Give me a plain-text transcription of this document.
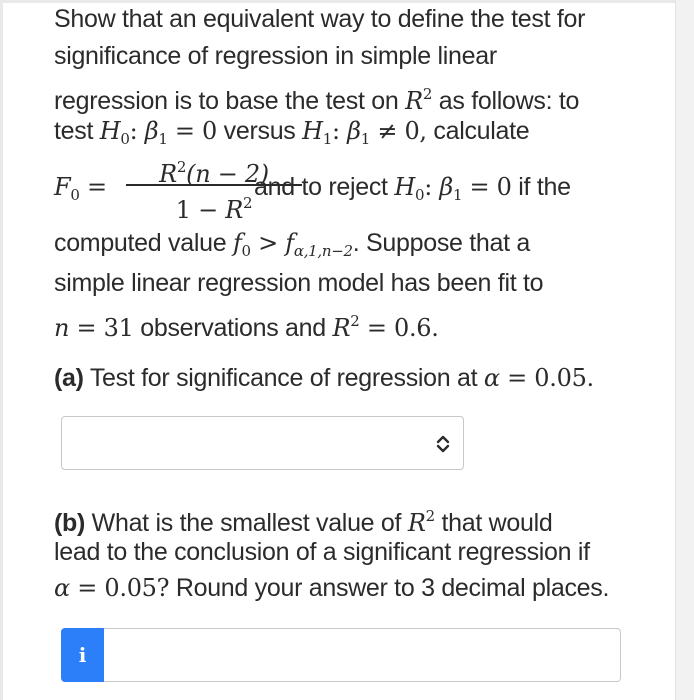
Show that an equivalent way to define the test for
significance of regression in simple linear
regression is to base the test on $R^2$ as follows: to
test $H_0$: $\beta_1 = 0$ versus $H_1$: $\beta_1 \ne 0$, calculate
$F_0$ =	$R^2(n - 2)$
$1 - R^2$
and to reject $H_0$: $\beta_1 = 0$ if the
computed value $f_0 > f_{\alpha,1,n-2}$. Suppose that a
simple linear regression model has been fit to
n = 31 observations and $R^2 = 0.6$.
(a) Test for significance of regression at α = 0.05.
(b) What is the smallest value of $R^2$ that would
lead to the conclusion of a significant regression if
α = 0.05? Round your answer to 3 decimal places.
i
